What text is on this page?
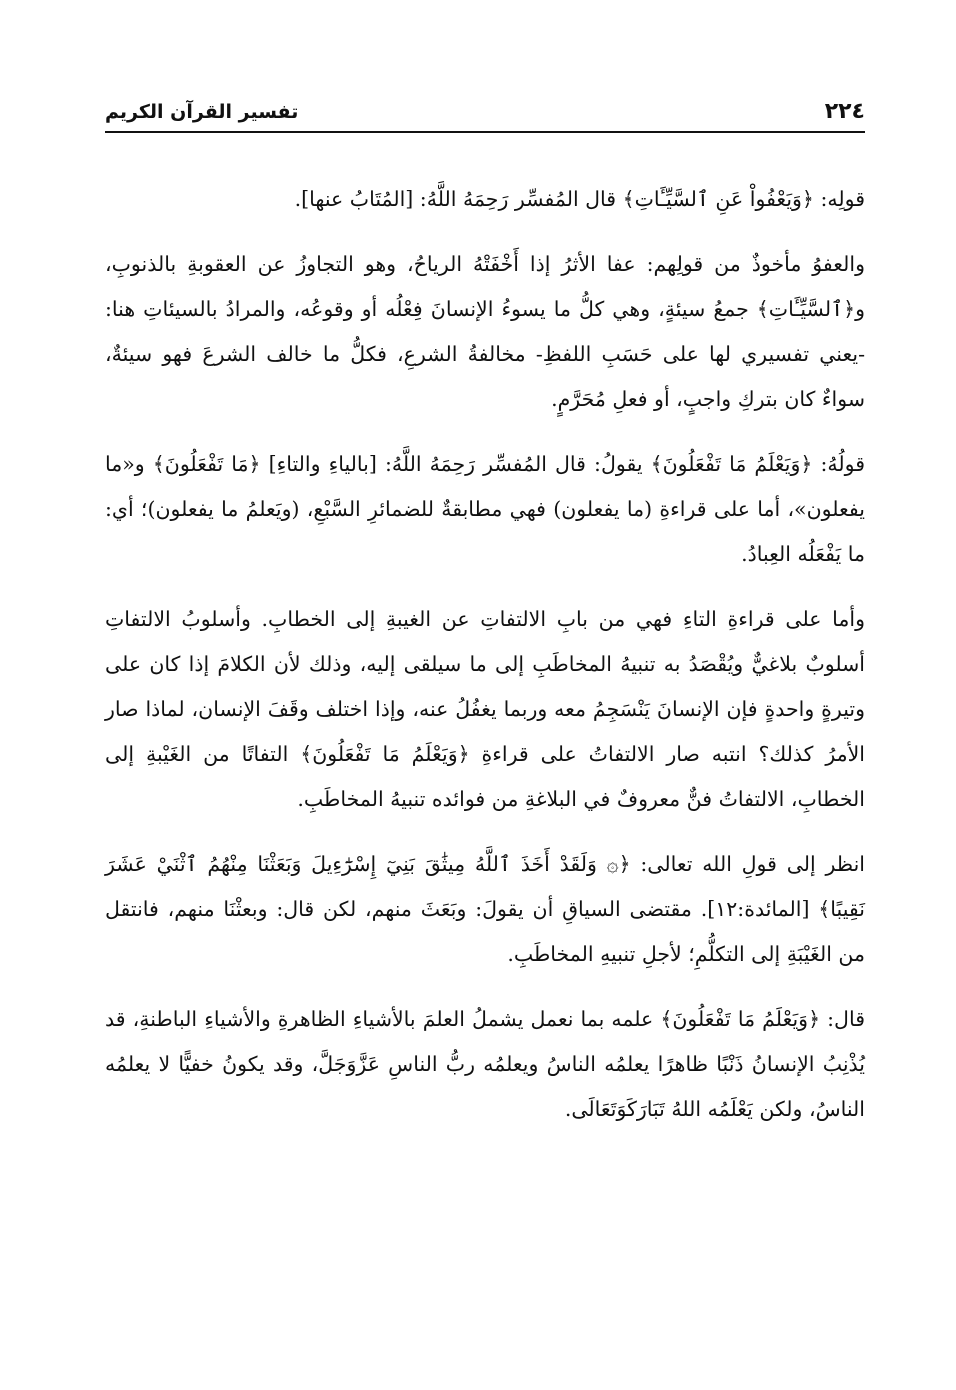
٢٢٤
تفسير القرآن الكريم

قولِه: ﴿وَيَعْفُواْ عَنِ ٱلسَّيِّـَٔاتِ﴾ قال المُفسِّر رَحِمَهُ اللَّهُ: [المُتَابُ عنها].

والعفوُ مأخوذٌ من قولِهم: عفا الأثرُ إذا أَخْفَتْهُ الرياحُ، وهو التجاوزُ عن العقوبةِ بالذنوبِ، و﴿ٱلسَّيِّـَٔاتِ﴾ جمعُ سيئةٍ، وهي كلُّ ما يسوءُ الإنسانَ فِعْلُه أو وقوعُه، والمرادُ بالسيئاتِ هنا: -يعني تفسيري لها على حَسَبِ اللفظِ- مخالفةُ الشرعِ، فكلُّ ما خالف الشرعَ فهو سيئةٌ، سواءٌ كان بتركِ واجبٍ، أو فعلِ مُحَرَّمٍ.

قولُهُ: ﴿وَيَعْلَمُ مَا تَفْعَلُونَ﴾ يقولُ: قال المُفسِّر رَحِمَهُ اللَّهُ: [بالياءِ والتاءِ] ﴿مَا تَفْعَلُونَ﴾ و«ما يفعلون»، أما على قراءةِ (ما يفعلون) فهي مطابقةٌ للضمائرِ السَّبْعِ، (ويَعلمُ ما يفعلون)؛ أي: ما يَفْعَلُه العِبادُ.

وأما على قراءةِ التاءِ فهي من بابِ الالتفاتِ عن الغيبةِ إلى الخطابِ. وأسلوبُ الالتفاتِ أسلوبٌ بلاغيٌّ ويُقْصَدُ به تنبيهُ المخاطَبِ إلى ما سيلقى إليه، وذلك لأن الكلامَ إذا كان على وتيرةٍ واحدةٍ فإن الإنسانَ يَنْسَجِمُ معه وربما يغفُلُ عنه، وإذا اختلف وقَفَ الإنسان، لماذا صار الأمرُ كذلك؟ انتبه صار الالتفاتُ على قراءةِ ﴿وَيَعْلَمُ مَا تَفْعَلُونَ﴾ التفاتًا من الغَيْبةِ إلى الخطابِ، الالتفاتُ فنٌّ معروفٌ في البلاغةِ من فوائده تنبيهُ المخاطَبِ.

انظر إلى قولِ الله تعالى: ﴿۞ وَلَقَدْ أَخَذَ ٱللَّهُ مِيثَٰقَ بَنِيٓ إِسْرَٰٓءِيلَ وَبَعَثْنَا مِنْهُمُ ٱثْنَيْ عَشَرَ نَقِيبًا﴾ [المائدة:١٢]. مقتضى السياقِ أن يقولَ: وبَعَثَ منهم، لكن قال: وبعثْنَا منهم، فانتقل من الغَيْبَةِ إلى التكلُّمِ؛ لأجلِ تنبيهِ المخاطَبِ.

قال: ﴿وَيَعْلَمُ مَا تَفْعَلُونَ﴾ علمه بما نعمل يشملُ العلمَ بالأشياءِ الظاهرةِ والأشياءِ الباطنةِ، قد يُذْنِبُ الإنسانُ ذَنْبًا ظاهرًا يعلمُه الناسُ ويعلمُه ربُّ الناسِ عَزَّوَجَلَّ، وقد يكونُ خفيًّا لا يعلمُه الناسُ، ولكن يَعْلَمُه اللهُ تَبَارَكَوَتَعَالَى.
